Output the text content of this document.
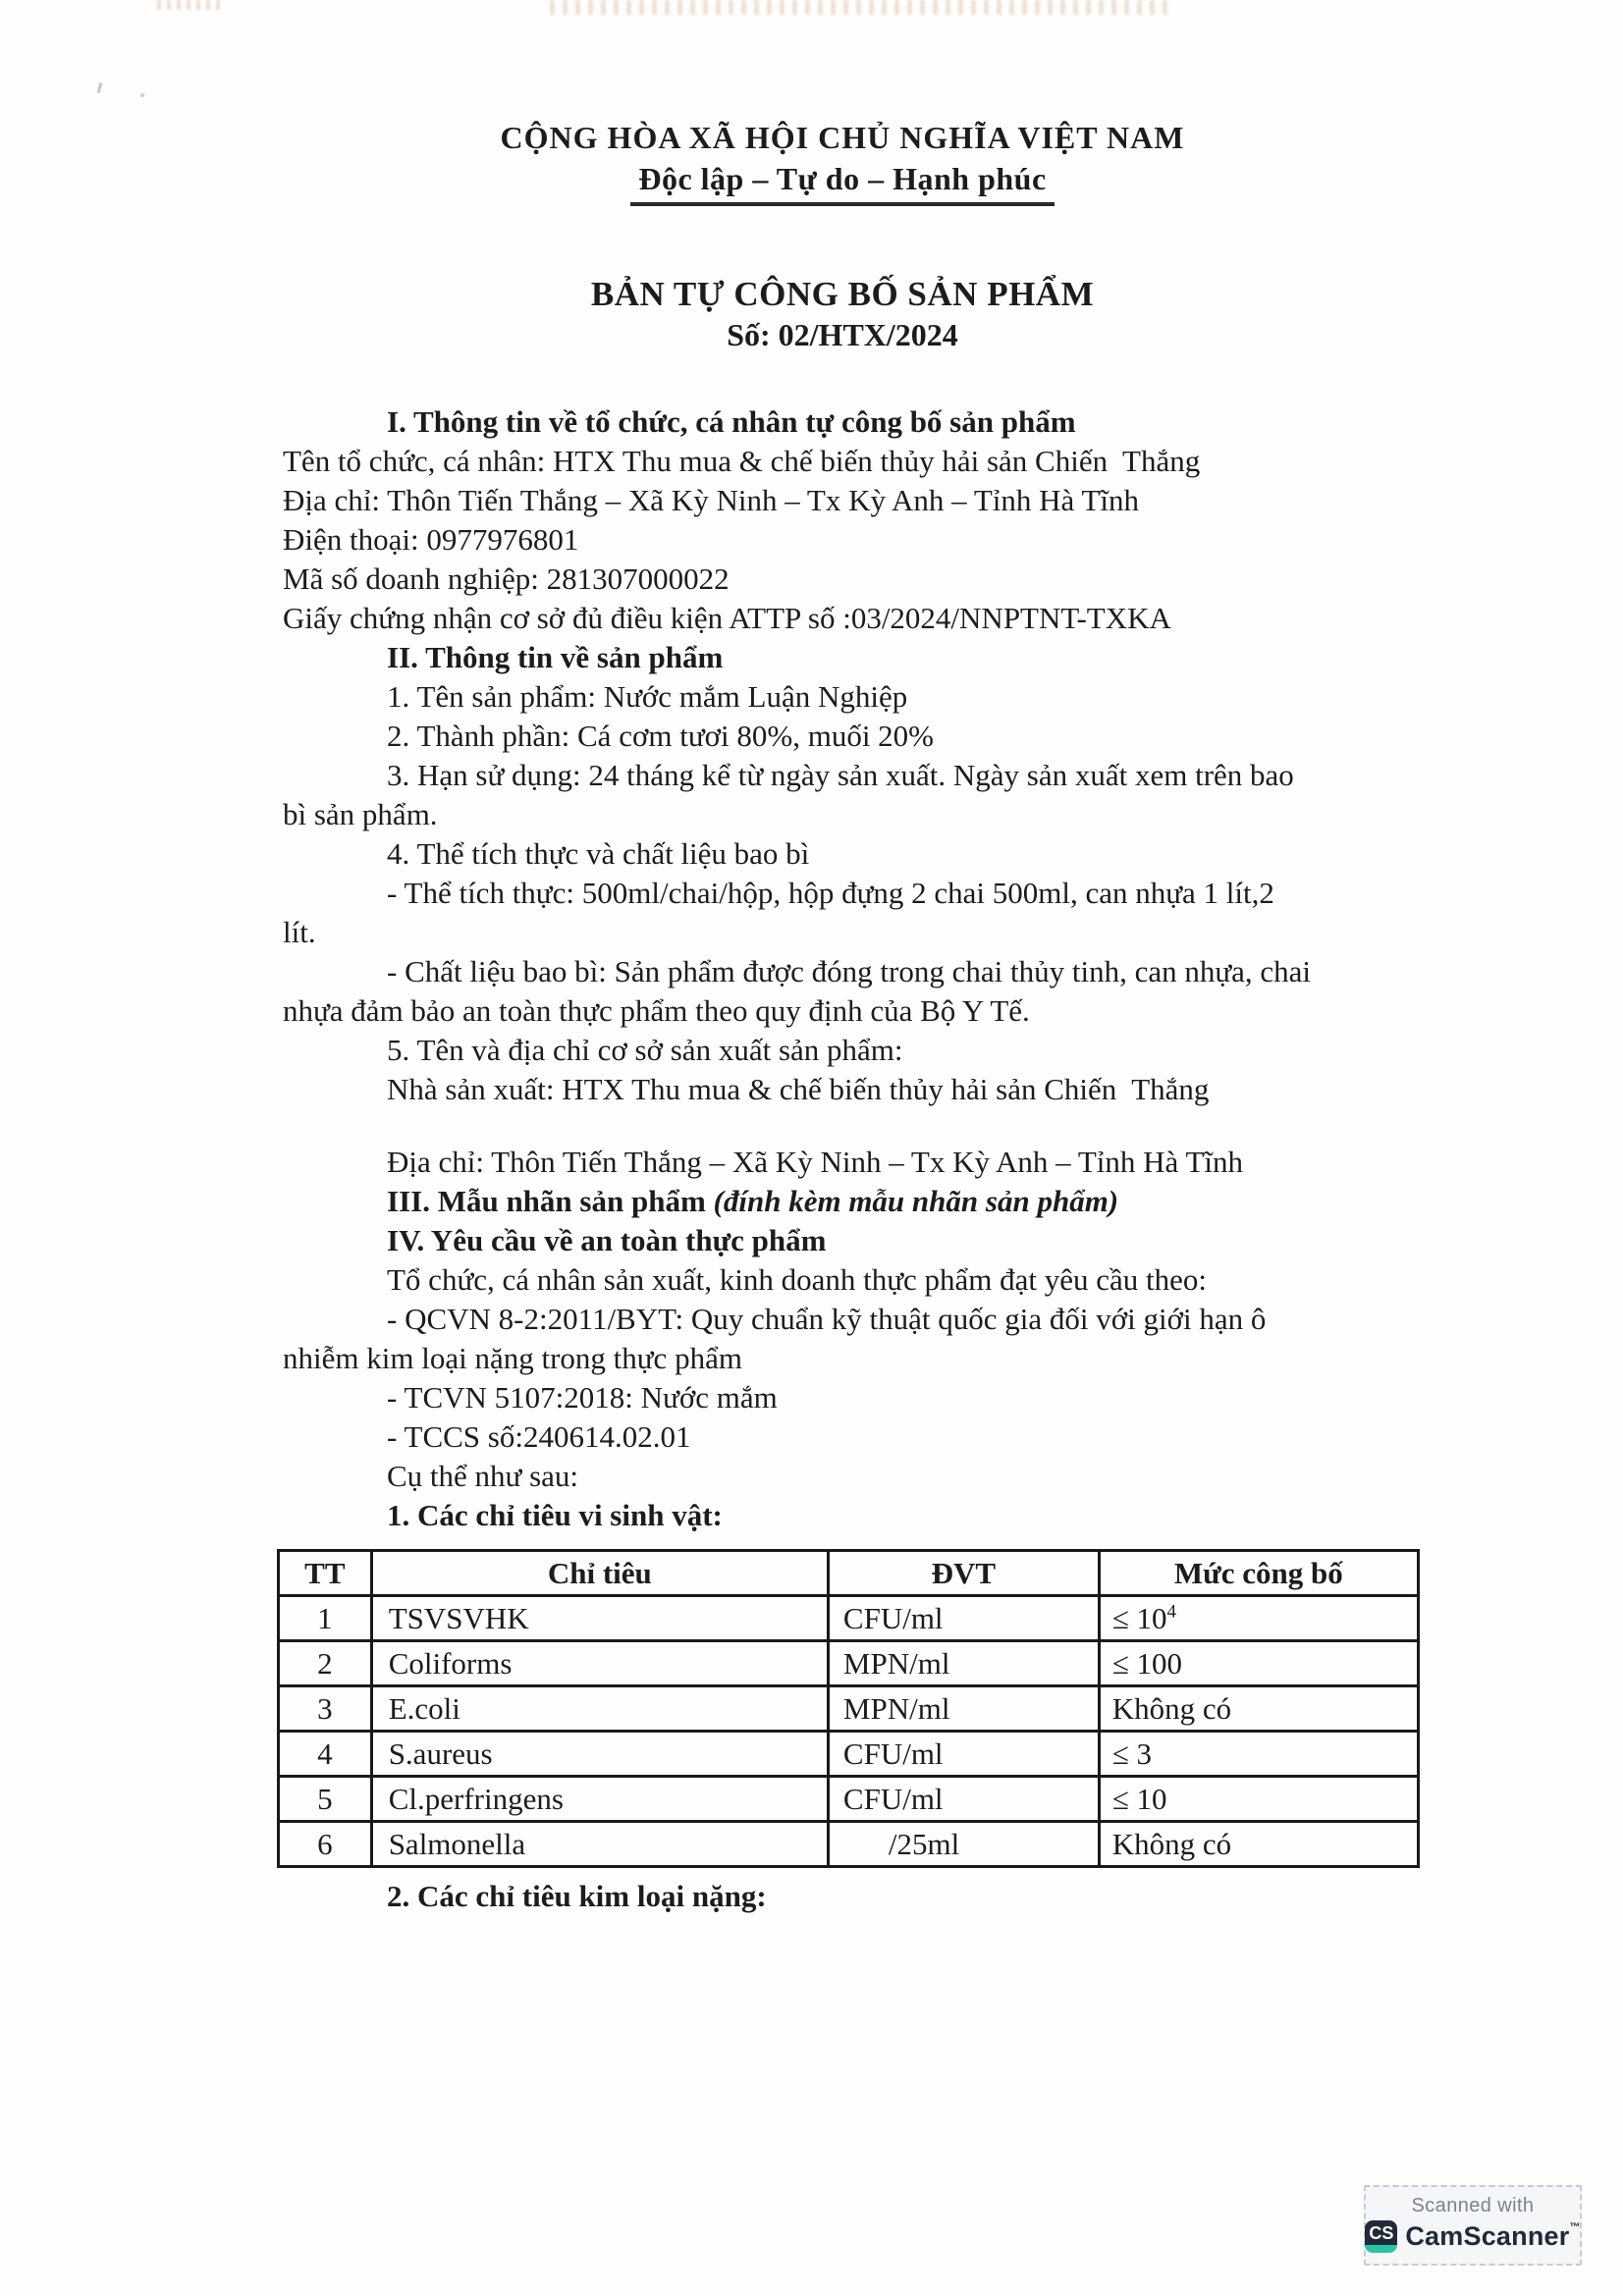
CỘNG HÒA XÃ HỘI CHỦ NGHĨA VIỆT NAM
Độc lập – Tự do – Hạnh phúc
BẢN TỰ CÔNG BỐ SẢN PHẨM
Số: 02/HTX/2024
I. Thông tin về tổ chức, cá nhân tự công bố sản phẩm
Tên tổ chức, cá nhân: HTX Thu mua & chế biến thủy hải sản Chiến  Thắng
Địa chỉ: Thôn Tiến Thắng – Xã Kỳ Ninh – Tx Kỳ Anh – Tỉnh Hà Tĩnh
Điện thoại: 0977976801
Mã số doanh nghiệp: 281307000022
Giấy chứng nhận cơ sở đủ điều kiện ATTP số :03/2024/NNPTNT-TXKA
II. Thông tin về sản phẩm
1. Tên sản phẩm: Nước mắm Luận Nghiệp
2. Thành phần: Cá cơm tươi 80%, muối 20%
3. Hạn sử dụng: 24 tháng kể từ ngày sản xuất. Ngày sản xuất xem trên bao
bì sản phẩm.
4. Thể tích thực và chất liệu bao bì
- Thể tích thực: 500ml/chai/hộp, hộp đựng 2 chai 500ml, can nhựa 1 lít,2
lít.
- Chất liệu bao bì: Sản phẩm được đóng trong chai thủy tinh, can nhựa, chai
nhựa đảm bảo an toàn thực phẩm theo quy định của Bộ Y Tế.
5. Tên và địa chỉ cơ sở sản xuất sản phẩm:
Nhà sản xuất: HTX Thu mua & chế biến thủy hải sản Chiến  Thắng
Địa chỉ: Thôn Tiến Thắng – Xã Kỳ Ninh – Tx Kỳ Anh – Tỉnh Hà Tĩnh
III. Mẫu nhãn sản phẩm (đính kèm mẫu nhãn sản phẩm)
IV. Yêu cầu về an toàn thực phẩm
Tổ chức, cá nhân sản xuất, kinh doanh thực phẩm đạt yêu cầu theo:
- QCVN 8-2:2011/BYT: Quy chuẩn kỹ thuật quốc gia đối với giới hạn ô
nhiễm kim loại nặng trong thực phẩm
- TCVN 5107:2018: Nước mắm
- TCCS số:240614.02.01
Cụ thể như sau:
1. Các chỉ tiêu vi sinh vật:
TT	Chỉ tiêu	ĐVT	Mức công bố
1	TSVSVHK	CFU/ml	≤ $10^4$
2	Coliforms	MPN/ml	≤ 100
3	E.coli	MPN/ml	Không có
4	S.aureus	CFU/ml	≤ 3
5	Cl.perfringens	CFU/ml	≤ 10
6	Salmonella	/25ml	Không có
2. Các chỉ tiêu kim loại nặng:
Scanned with
CS CamScanner™
